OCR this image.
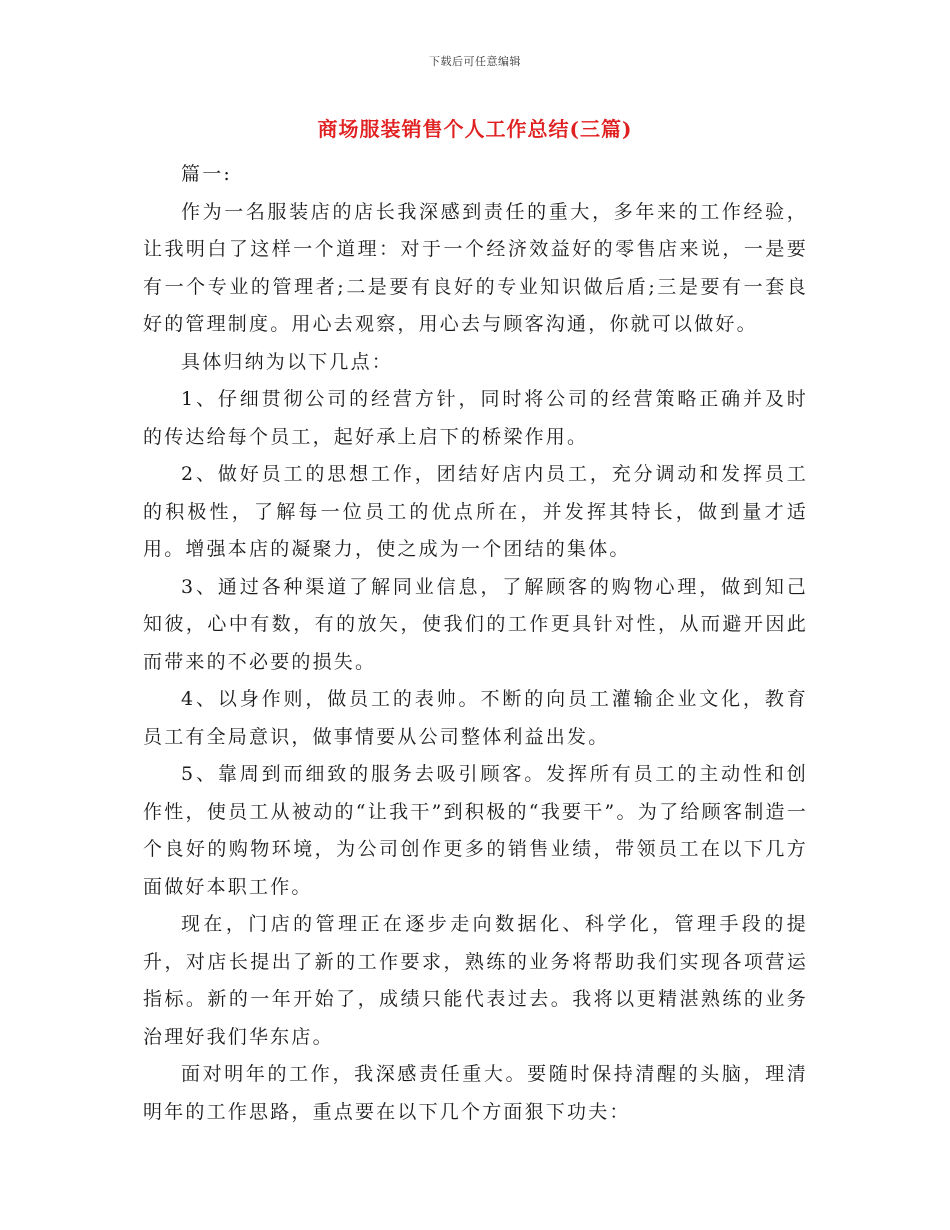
下载后可任意编辑
商场服装销售个人工作总结(三篇)

篇一:

作为一名服装店的店长我深感到责任的重大，多年来的工作经验，让我明白了这样一个道理：对于一个经济效益好的零售店来说，一是要有一个专业的管理者;二是要有良好的专业知识做后盾;三是要有一套良好的管理制度。用心去观察，用心去与顾客沟通，你就可以做好。

具体归纳为以下几点：

1、仔细贯彻公司的经营方针，同时将公司的经营策略正确并及时的传达给每个员工，起好承上启下的桥梁作用。

2、做好员工的思想工作，团结好店内员工，充分调动和发挥员工的积极性，了解每一位员工的优点所在，并发挥其特长，做到量才适用。增强本店的凝聚力，使之成为一个团结的集体。

3、通过各种渠道了解同业信息，了解顾客的购物心理，做到知己知彼，心中有数，有的放矢，使我们的工作更具针对性，从而避开因此而带来的不必要的损失。

4、以身作则，做员工的表帅。不断的向员工灌输企业文化，教育员工有全局意识，做事情要从公司整体利益出发。

5、靠周到而细致的服务去吸引顾客。发挥所有员工的主动性和创作性，使员工从被动的“让我干”到积极的“我要干”。为了给顾客制造一个良好的购物环境，为公司创作更多的销售业绩，带领员工在以下几方面做好本职工作。

现在，门店的管理正在逐步走向数据化、科学化，管理手段的提升，对店长提出了新的工作要求，熟练的业务将帮助我们实现各项营运指标。新的一年开始了，成绩只能代表过去。我将以更精湛熟练的业务治理好我们华东店。

面对明年的工作，我深感责任重大。要随时保持清醒的头脑，理清明年的工作思路，重点要在以下几个方面狠下功夫：
